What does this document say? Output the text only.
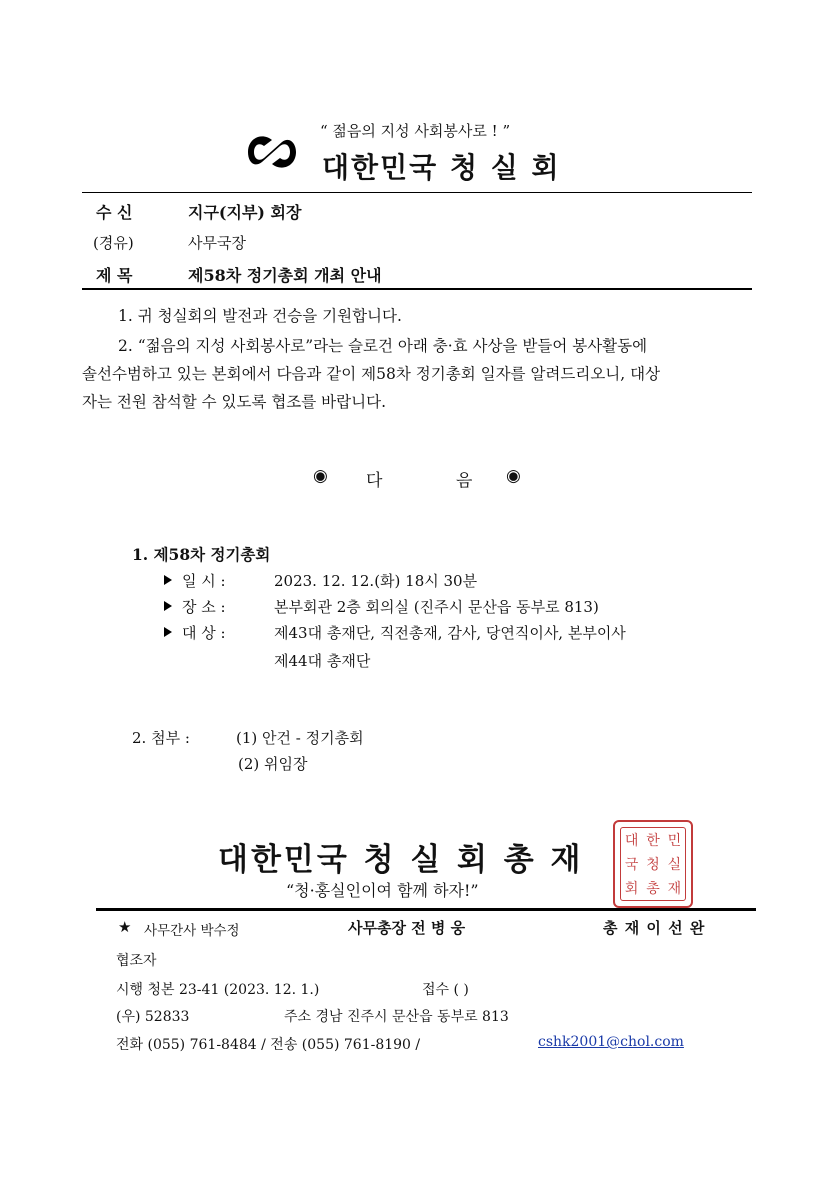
“ 젊음의 지성 사회봉사로 ! ”
대한민국 청 실 회
수 신	지구(지부) 회장
(경유)	사무국장
제 목	제58차 정기총회 개최 안내
1. 귀 청실회의 발전과 건승을 기원합니다.
2. “젊음의 지성 사회봉사로”라는 슬로건 아래 충·효 사상을 받들어 봉사활동에
솔선수범하고 있는 본회에서 다음과 같이 제58차 정기총회 일자를 알려드리오니, 대상
자는 전원 참석할 수 있도록 협조를 바랍니다.
◉ 다	음 ◉
1. 제58차 정기총회
일 시 :	2023. 12. 12.(화) 18시 30분
장 소 :	본부회관 2층 회의실 (진주시 문산읍 동부로 813)
대 상 :	제43대 총재단, 직전총재, 감사, 당연직이사, 본부이사
제44대 총재단
2. 첨부 :	(1) 안건 - 정기총회
(2) 위임장
대한민국 청 실 회 총 재
“청·홍실인이여 함께 하자!”
대 한 민
국 청 실
회 총 재
★ 사무간사 박수정	사무총장 전 병 웅	총 재 이 선 완
협조자
시행 청본 23-41 (2023. 12. 1.)	접수 ( )
(우) 52833	주소 경남 진주시 문산읍 동부로 813
전화 (055) 761-8484 / 전송 (055) 761-8190 /	cshk2001@chol.com
